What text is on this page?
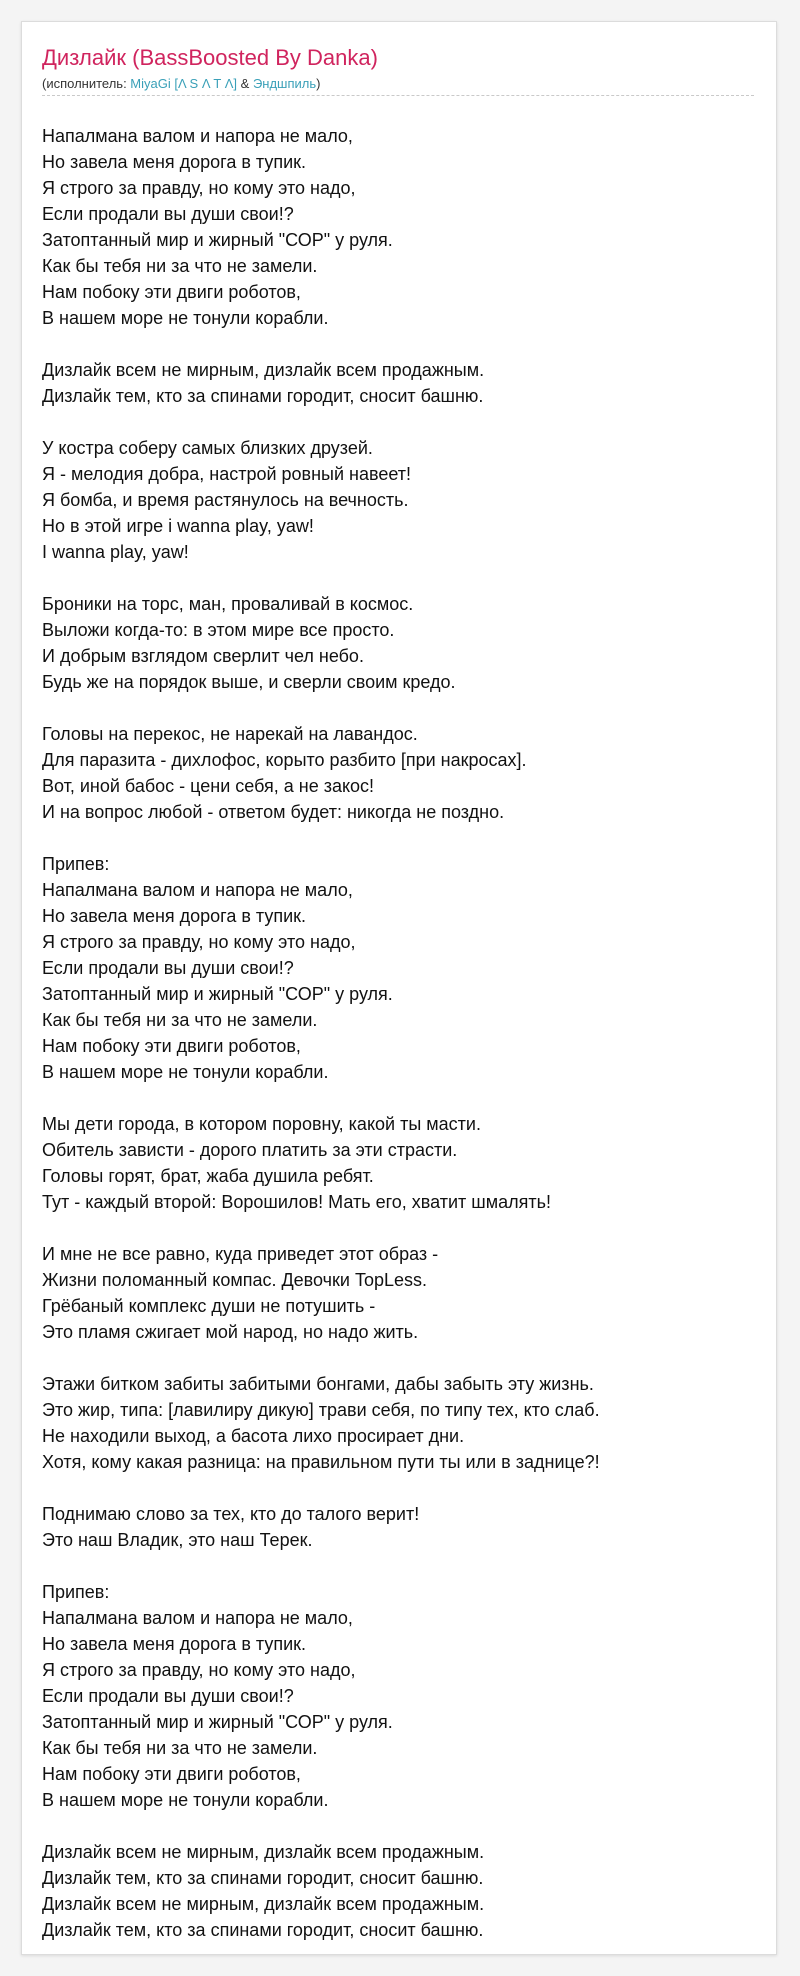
Дизлайк (BassBoosted By Danka)
(исполнитель: MiyaGi [Λ S Λ T Λ] & Эндшпиль)
Напалмана валом и напора не мало,
Но завела меня дорога в тупик.
Я строго за правду, но кому это надо,
Если продали вы души свои!?
Затоптанный мир и жирный "СОР" у руля.
Как бы тебя ни за что не замели.
Нам побоку эти двиги роботов,
В нашем море не тонули корабли.
Дизлайк всем не мирным, дизлайк всем продажным.
Дизлайк тем, кто за спинами городит, сносит башню.
У костра соберу самых близких друзей.
Я - мелодия добра, настрой ровный навеет!
Я бомба, и время растянулось на вечность.
Но в этой игре i wanna play, yaw!
I wanna play, yaw!
Броники на торс, ман, проваливай в космос.
Выложи когда-то: в этом мире все просто.
И добрым взглядом сверлит чел небо.
Будь же на порядок выше, и сверли своим кредо.
Головы на перекос, не нарекай на лавандос.
Для паразита - дихлофос, корыто разбито [при накросах].
Вот, иной бабос - цени себя, а не закос!
И на вопрос любой - ответом будет: никогда не поздно.
Припев:
Напалмана валом и напора не мало,
Но завела меня дорога в тупик.
Я строго за правду, но кому это надо,
Если продали вы души свои!?
Затоптанный мир и жирный "СОР" у руля.
Как бы тебя ни за что не замели.
Нам побоку эти двиги роботов,
В нашем море не тонули корабли.
Мы дети города, в котором поровну, какой ты масти.
Обитель зависти - дорого платить за эти страсти.
Головы горят, брат, жаба душила ребят.
Тут - каждый второй: Ворошилов! Мать его, хватит шмалять!
И мне не все равно, куда приведет этот образ -
Жизни поломанный компас. Девочки TopLess.
Грёбаный комплекс души не потушить -
Это пламя сжигает мой народ, но надо жить.
Этажи битком забиты забитыми бонгами, дабы забыть эту жизнь.
Это жир, типа: [лавилиру дикую] трави себя, по типу тех, кто слаб.
Не находили выход, а басота лихо просирает дни.
Хотя, кому какая разница: на правильном пути ты или в заднице?!
Поднимаю слово за тех, кто до талого верит!
Это наш Владик, это наш Терек.
Припев:
Напалмана валом и напора не мало,
Но завела меня дорога в тупик.
Я строго за правду, но кому это надо,
Если продали вы души свои!?
Затоптанный мир и жирный "СОР" у руля.
Как бы тебя ни за что не замели.
Нам побоку эти двиги роботов,
В нашем море не тонули корабли.
Дизлайк всем не мирным, дизлайк всем продажным.
Дизлайк тем, кто за спинами городит, сносит башню.
Дизлайк всем не мирным, дизлайк всем продажным.
Дизлайк тем, кто за спинами городит, сносит башню.
